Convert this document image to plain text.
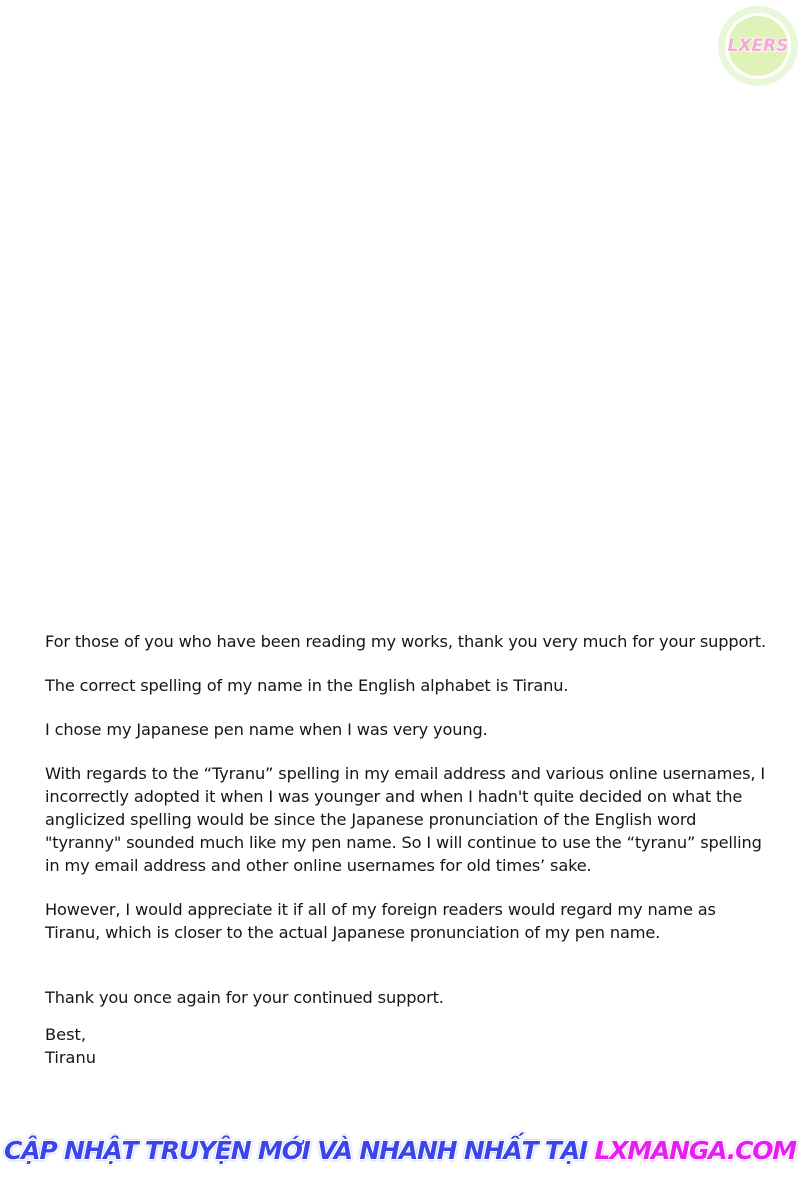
LXERS

For those of you who have been reading my works, thank you very much for your support.

The correct spelling of my name in the English alphabet is Tiranu.

I chose my Japanese pen name when I was very young.

With regards to the “Tyranu” spelling in my email address and various online usernames, I incorrectly adopted it when I was younger and when I hadn't quite decided on what the anglicized spelling would be since the Japanese pronunciation of the English word "tyranny" sounded much like my pen name. So I will continue to use the “tyranu” spelling in my email address and other online usernames for old times’ sake.

However, I would appreciate it if all of my foreign readers would regard my name as Tiranu, which is closer to the actual Japanese pronunciation of my pen name.

Thank you once again for your continued support.

Best,
Tiranu
CẬP NHẬT TRUYỆN MỚI VÀ NHANH NHẤT TẠI LXMANGA.COM
